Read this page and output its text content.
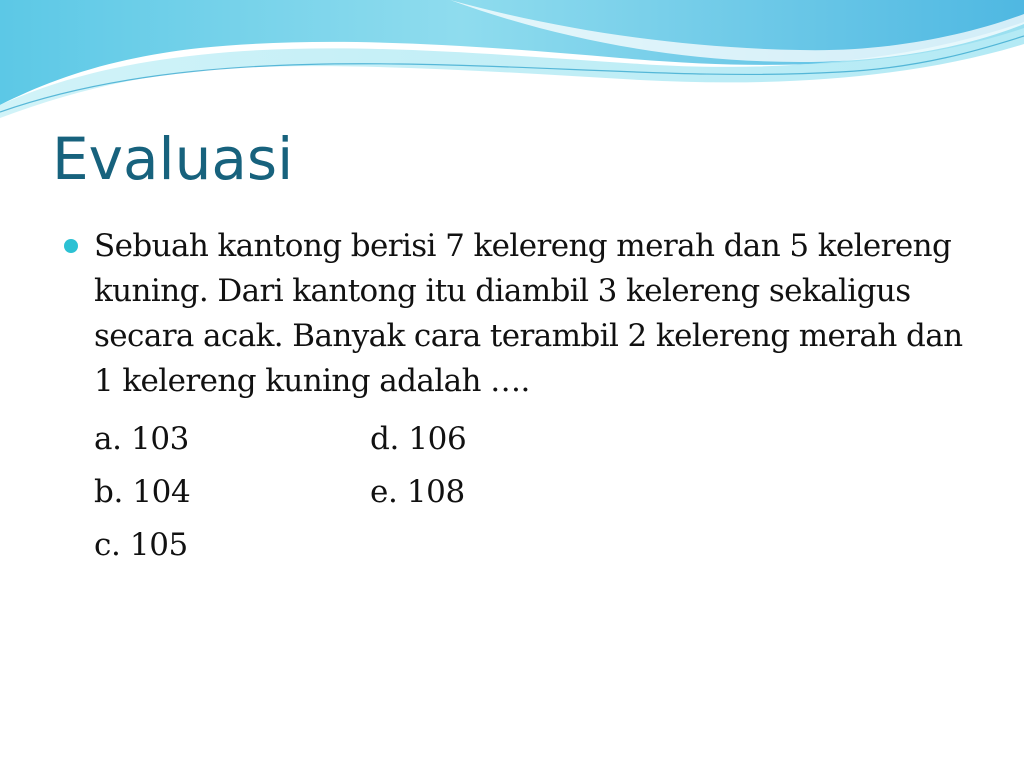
Evaluasi
Sebuah kantong berisi 7 kelereng merah dan 5 kelereng kuning. Dari kantong itu diambil 3 kelereng sekaligus secara acak. Banyak cara terambil 2 kelereng merah dan 1 kelereng kuning adalah ….
a. 103	d. 106
b. 104	e. 108
c. 105
